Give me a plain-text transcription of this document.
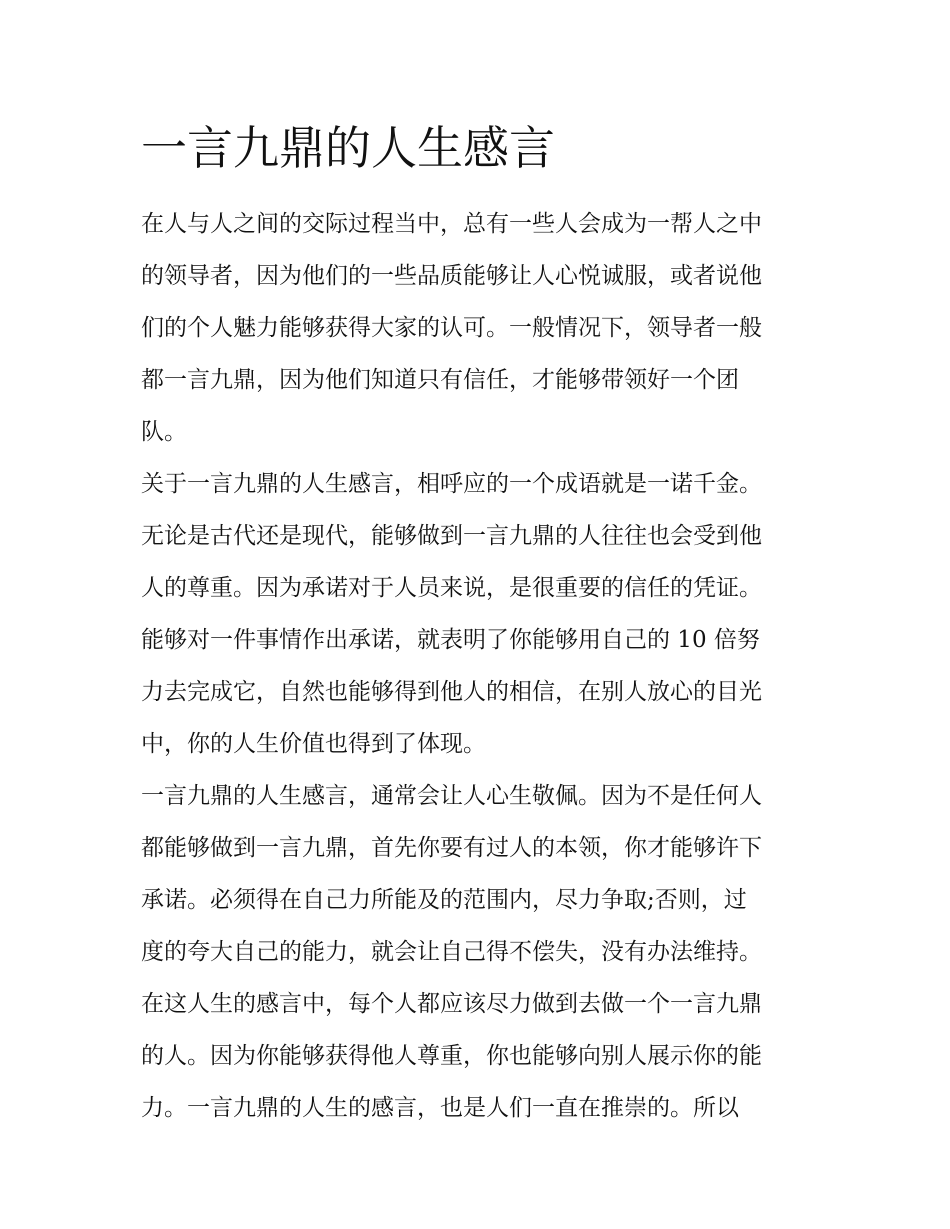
一言九鼎的人生感言
在人与人之间的交际过程当中，总有一些人会成为一帮人之中
的领导者，因为他们的一些品质能够让人心悦诚服，或者说他
们的个人魅力能够获得大家的认可。一般情况下，领导者一般
都一言九鼎，因为他们知道只有信任，才能够带领好一个团
队。
关于一言九鼎的人生感言，相呼应的一个成语就是一诺千金。
无论是古代还是现代，能够做到一言九鼎的人往往也会受到他
人的尊重。因为承诺对于人员来说，是很重要的信任的凭证。
能够对一件事情作出承诺，就表明了你能够用自己的 10 倍努
力去完成它，自然也能够得到他人的相信，在别人放心的目光
中，你的人生价值也得到了体现。
一言九鼎的人生感言，通常会让人心生敬佩。因为不是任何人
都能够做到一言九鼎，首先你要有过人的本领，你才能够许下
承诺。必须得在自己力所能及的范围内，尽力争取;否则，过
度的夸大自己的能力，就会让自己得不偿失，没有办法维持。
在这人生的感言中，每个人都应该尽力做到去做一个一言九鼎
的人。因为你能够获得他人尊重，你也能够向别人展示你的能
力。一言九鼎的人生的感言，也是人们一直在推崇的。所以
